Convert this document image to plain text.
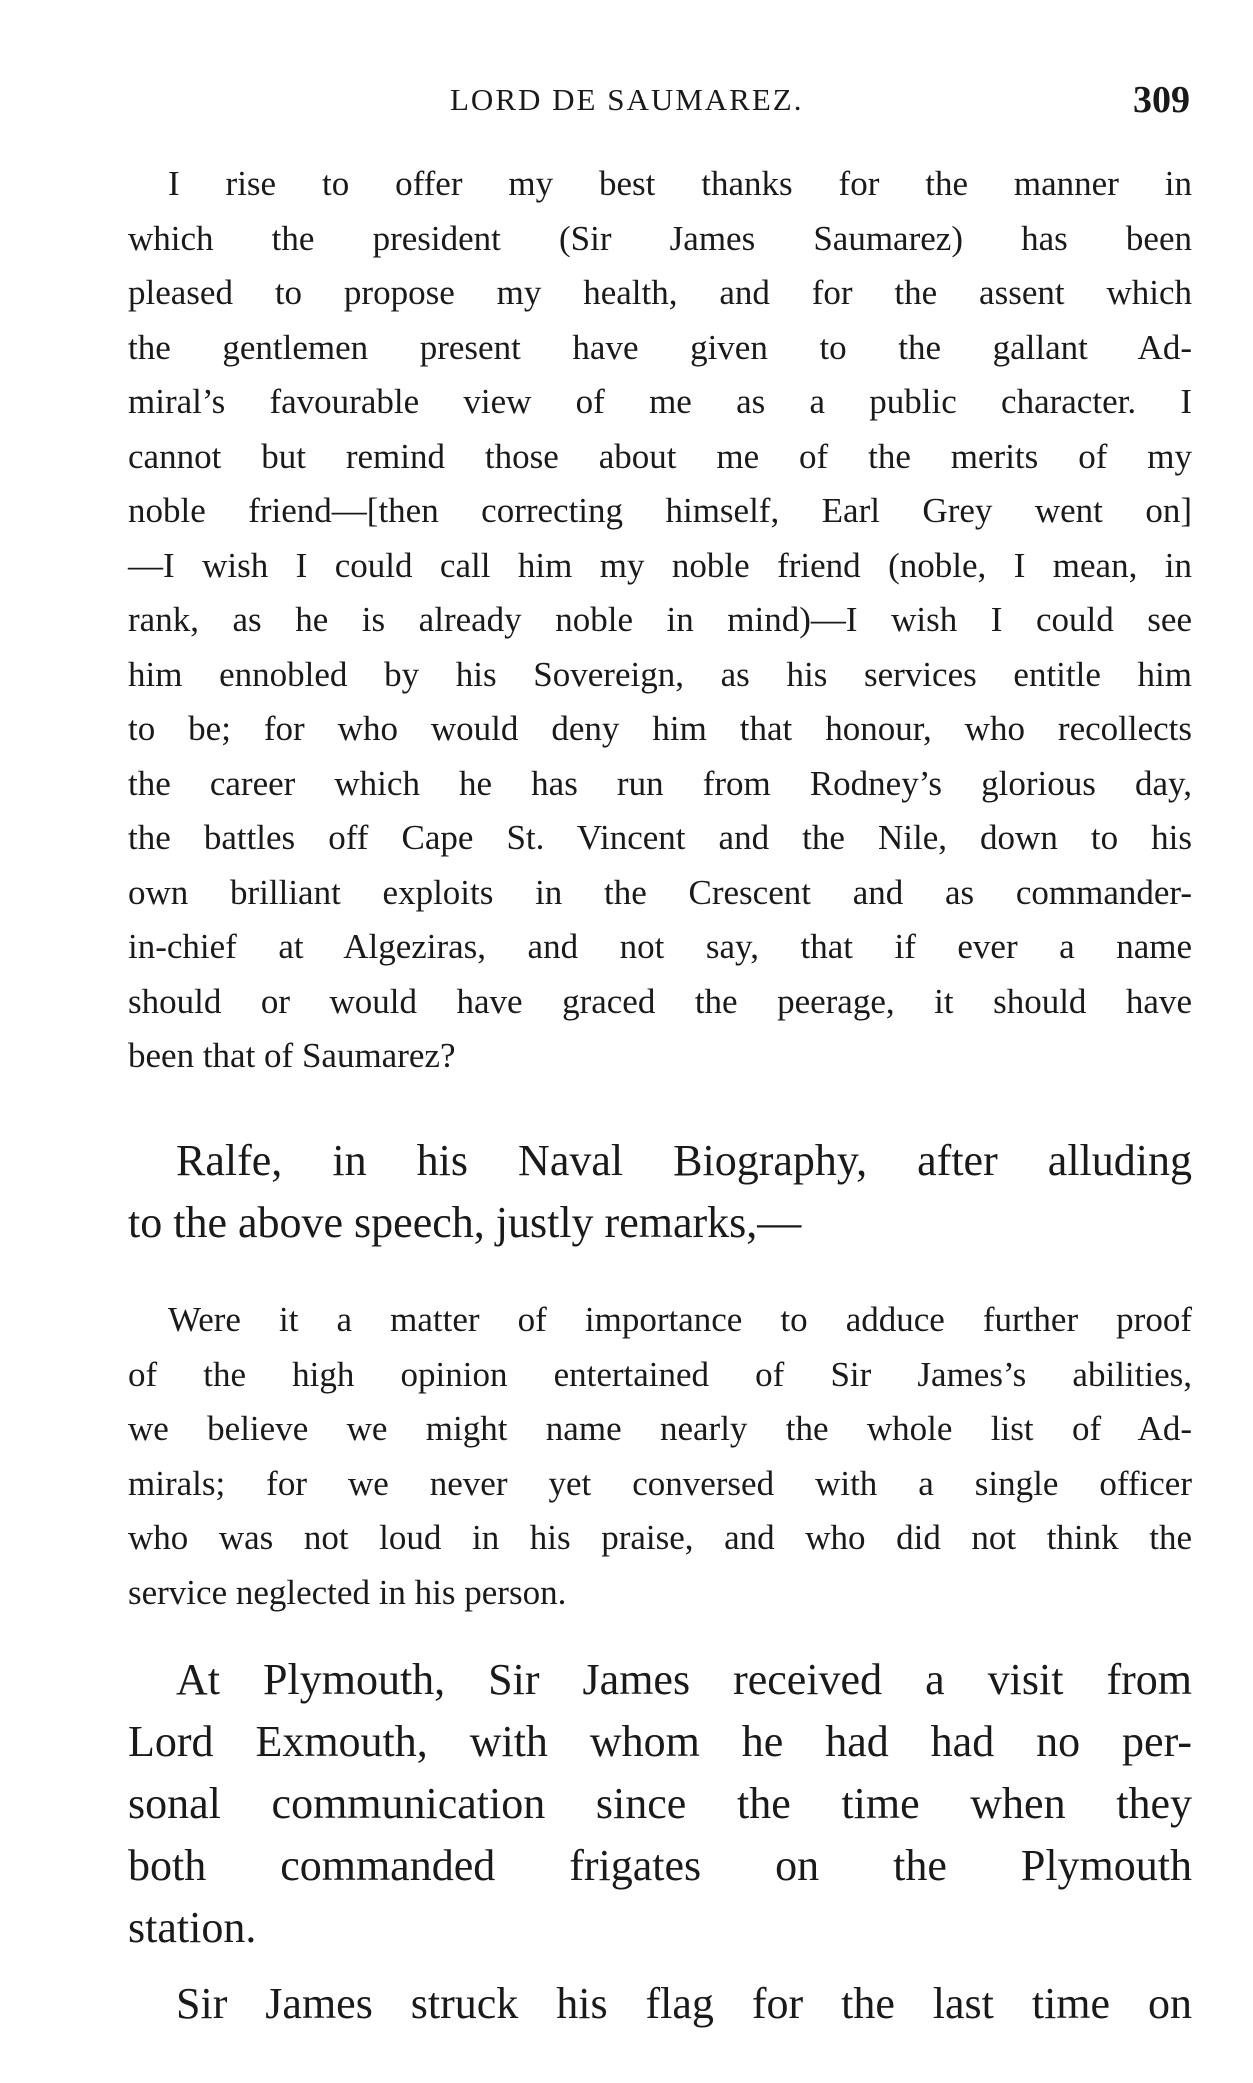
LORD DE SAUMAREZ.	309
I rise to offer my best thanks for the manner in
which the president (Sir James Saumarez) has been
pleased to propose my health, and for the assent which
the gentlemen present have given to the gallant Ad-
miral’s favourable view of me as a public character. I
cannot but remind those about me of the merits of my
noble friend—[then correcting himself, Earl Grey went on]
—I wish I could call him my noble friend (noble, I mean, in
rank, as he is already noble in mind)—I wish I could see
him ennobled by his Sovereign, as his services entitle him
to be; for who would deny him that honour, who recollects
the career which he has run from Rodney’s glorious day,
the battles off Cape St. Vincent and the Nile, down to his
own brilliant exploits in the Crescent and as commander-
in-chief at Algeziras, and not say, that if ever a name
should or would have graced the peerage, it should have
been that of Saumarez?
Ralfe, in his Naval Biography, after alluding
to the above speech, justly remarks,—
Were it a matter of importance to adduce further proof
of the high opinion entertained of Sir James’s abilities,
we believe we might name nearly the whole list of Ad-
mirals; for we never yet conversed with a single officer
who was not loud in his praise, and who did not think the
service neglected in his person.
At Plymouth, Sir James received a visit from
Lord Exmouth, with whom he had had no per-
sonal communication since the time when they
both commanded frigates on the Plymouth
station.
Sir James struck his flag for the last time on
